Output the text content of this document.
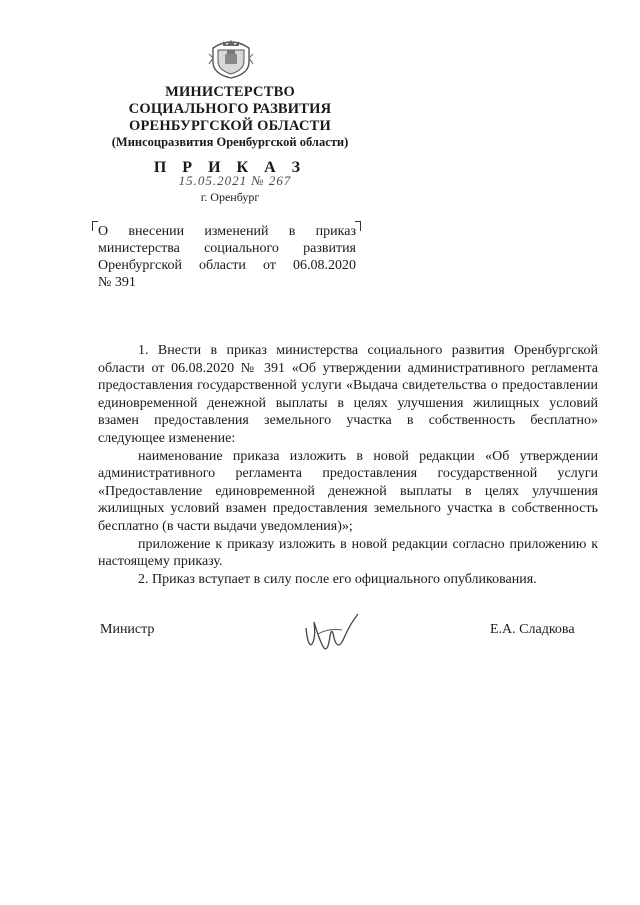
МИНИСТЕРСТВО
СОЦИАЛЬНОГО РАЗВИТИЯ
ОРЕНБУРГСКОЙ ОБЛАСТИ
(Минсоцразвития Оренбургской области)
П Р И К А З
15.05.2021 № 267
г. Оренбург
О внесении изменений в приказ
министерства социального развития
Оренбургской области от 06.08.2020
№ 391

1. Внести в приказ министерства социального развития Оренбургской области от 06.08.2020 № 391 «Об утверждении административного регламента предоставления государственной услуги «Выдача свидетельства о предоставлении единовременной денежной выплаты в целях улучшения жилищных условий взамен предоставления земельного участка в собственность бесплатно» следующее изменение:

наименование приказа изложить в новой редакции «Об утверждении административного регламента предоставления государственной услуги «Предоставление единовременной денежной выплаты в целях улучшения жилищных условий взамен предоставления земельного участка в собственность бесплатно (в части выдачи уведомления)»;

приложение к приказу изложить в новой редакции согласно приложению к настоящему приказу.

2. Приказ вступает в силу после его официального опубликования.

Министр	Е.А. Сладкова
